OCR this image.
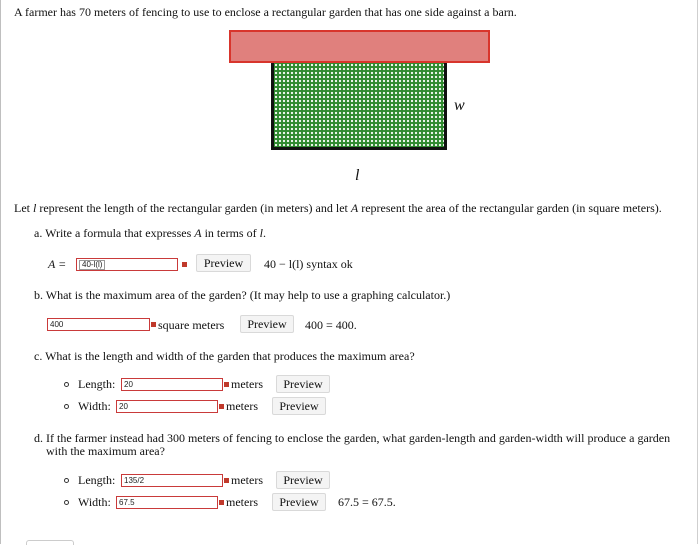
A farmer has 70 meters of fencing to use to enclose a rectangular garden that has one side against a barn.
w
l
Let l represent the length of the rectangular garden (in meters) and let A represent the area of the rectangular garden (in square meters).
a. Write a formula that expresses A in terms of l.
A =	40-l(l)	Preview	40 − l(l) syntax ok
b. What is the maximum area of the garden? (It may help to use a graphing calculator.)
400	square meters	Preview	400 = 400.
c. What is the length and width of the garden that produces the maximum area?
Length:	20	meters	Preview
Width:	20	meters	Preview
d. If the farmer instead had 300 meters of fencing to enclose the garden, what garden-length and garden-width will produce a garden
with the maximum area?
Length:	135/2	meters	Preview
Width:	67.5	meters	Preview	67.5 = 67.5.
